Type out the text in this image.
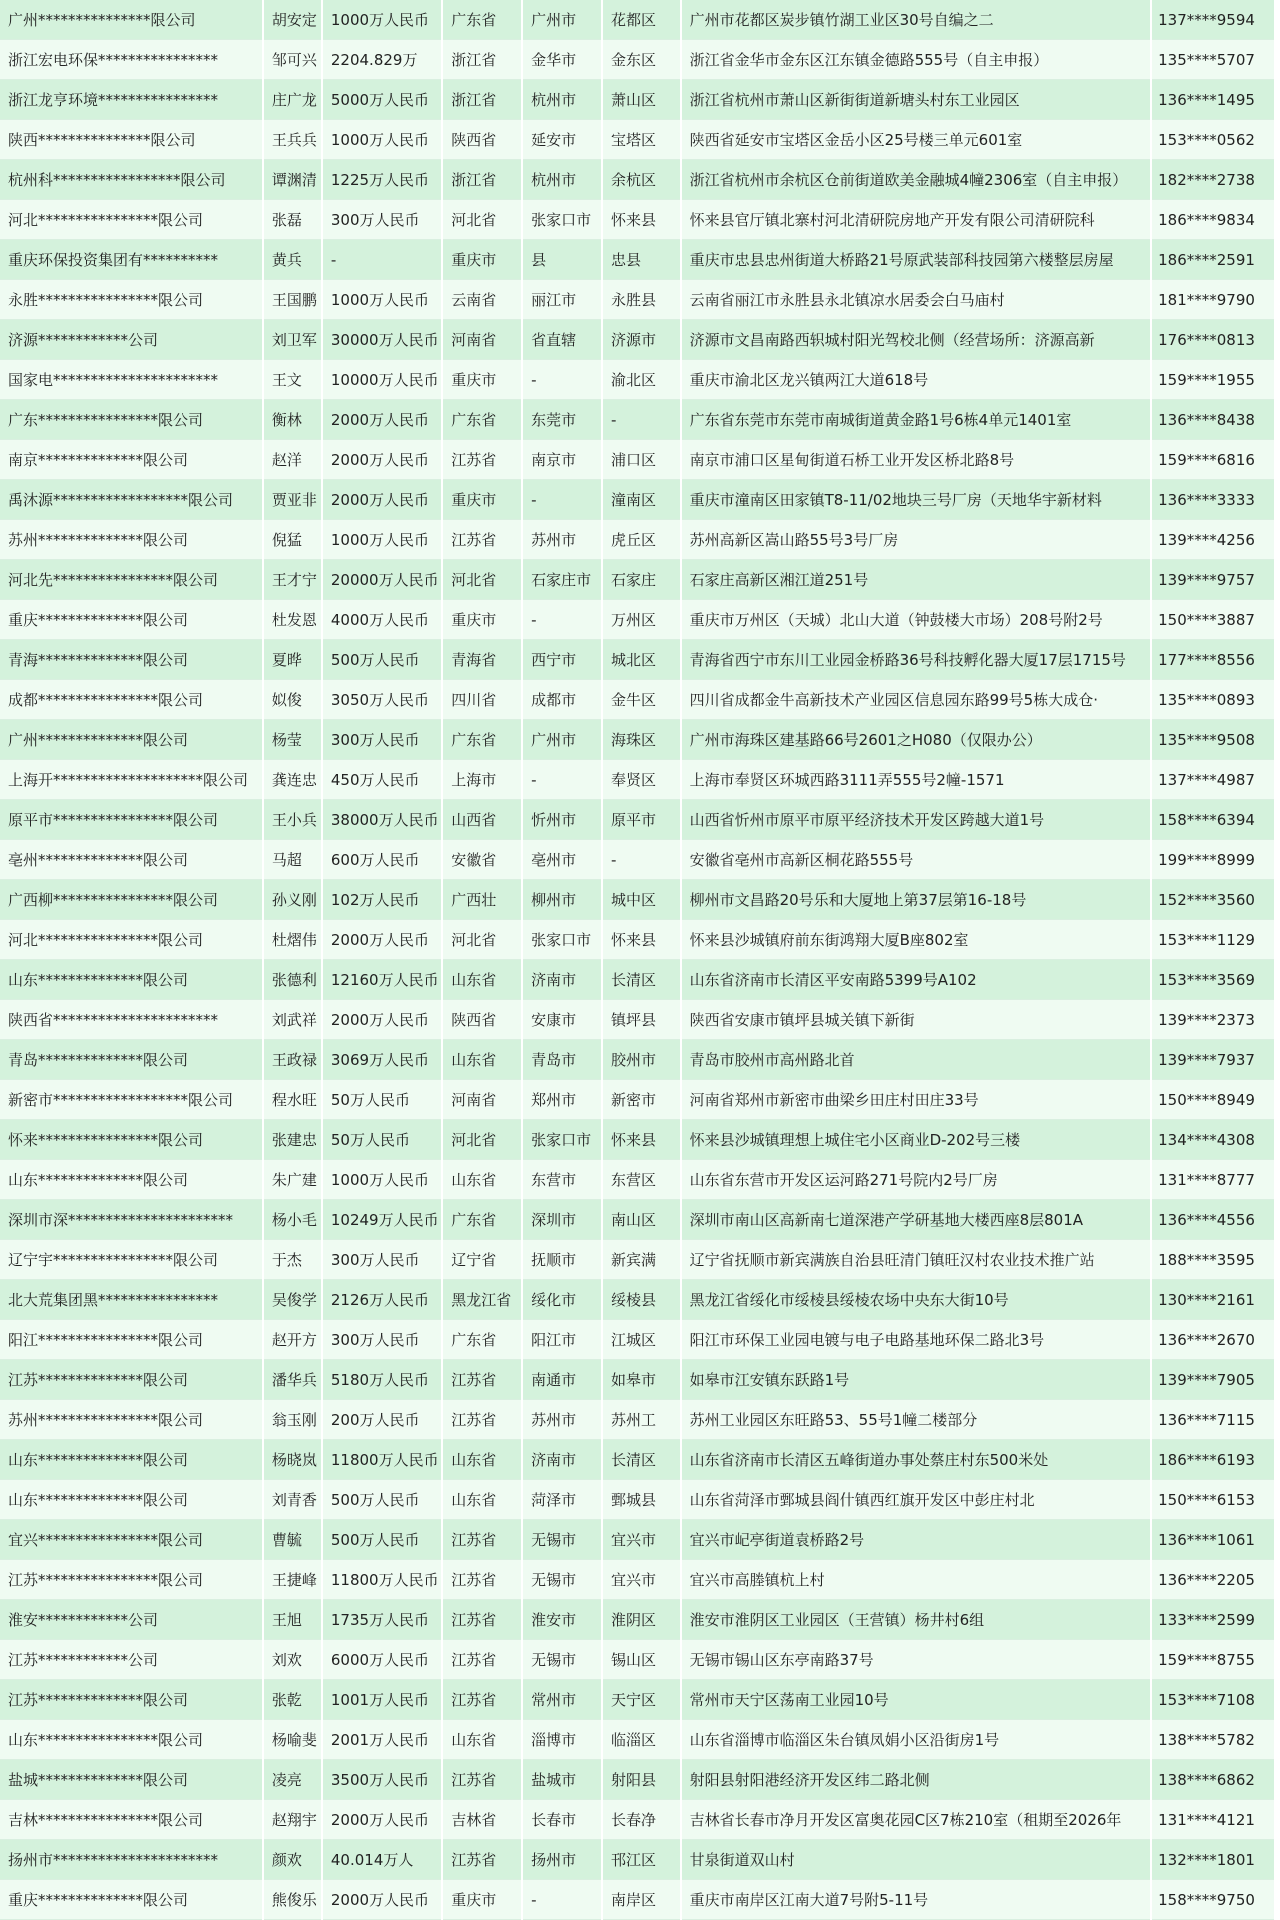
广州***************限公司	胡安定	1000万人民币	广东省	广州市	花都区	广州市花都区炭步镇竹湖工业区30号自编之二	137****9594
浙江宏电环保****************	邹可兴	2204.829万	浙江省	金华市	金东区	浙江省金华市金东区江东镇金德路555号（自主申报）	135****5707
浙江龙亨环境****************	庄广龙	5000万人民币	浙江省	杭州市	萧山区	浙江省杭州市萧山区新街街道新塘头村东工业园区	136****1495
陕西***************限公司	王兵兵	1000万人民币	陕西省	延安市	宝塔区	陕西省延安市宝塔区金岳小区25号楼三单元601室	153****0562
杭州科*****************限公司	谭渊清	1225万人民币	浙江省	杭州市	余杭区	浙江省杭州市余杭区仓前街道欧美金融城4幢2306室（自主申报）	182****2738
河北****************限公司	张磊	300万人民币	河北省	张家口市	怀来县	怀来县官厅镇北寨村河北清研院房地产开发有限公司清研院科	186****9834
重庆环保投资集团有**********	黄兵	-	重庆市	县	忠县	重庆市忠县忠州街道大桥路21号原武装部科技园第六楼整层房屋	186****2591
永胜****************限公司	王国鹏	1000万人民币	云南省	丽江市	永胜县	云南省丽江市永胜县永北镇凉水居委会白马庙村	181****9790
济源************公司	刘卫军	30000万人民币	河南省	省直辖	济源市	济源市文昌南路西轵城村阳光驾校北侧（经营场所：济源高新	176****0813
国家电**********************	王文	10000万人民币	重庆市	-	渝北区	重庆市渝北区龙兴镇两江大道618号	159****1955
广东****************限公司	衡林	2000万人民币	广东省	东莞市	-	广东省东莞市东莞市南城街道黄金路1号6栋4单元1401室	136****8438
南京**************限公司	赵洋	2000万人民币	江苏省	南京市	浦口区	南京市浦口区星甸街道石桥工业开发区桥北路8号	159****6816
禹沐源******************限公司	贾亚非	2000万人民币	重庆市	-	潼南区	重庆市潼南区田家镇T8-11/02地块三号厂房（天地华宇新材料	136****3333
苏州**************限公司	倪猛	1000万人民币	江苏省	苏州市	虎丘区	苏州高新区嵩山路55号3号厂房	139****4256
河北先****************限公司	王才宁	20000万人民币	河北省	石家庄市	石家庄	石家庄高新区湘江道251号	139****9757
重庆**************限公司	杜发恩	4000万人民币	重庆市	-	万州区	重庆市万州区（天城）北山大道（钟鼓楼大市场）208号附2号	150****3887
青海**************限公司	夏晔	500万人民币	青海省	西宁市	城北区	青海省西宁市东川工业园金桥路36号科技孵化器大厦17层1715号	177****8556
成都****************限公司	姒俊	3050万人民币	四川省	成都市	金牛区	四川省成都金牛高新技术产业园区信息园东路99号5栋大成仓·	135****0893
广州**************限公司	杨莹	300万人民币	广东省	广州市	海珠区	广州市海珠区建基路66号2601之H080（仅限办公）	135****9508
上海开********************限公司	龚连忠	450万人民币	上海市	-	奉贤区	上海市奉贤区环城西路3111弄555号2幢-1571	137****4987
原平市****************限公司	王小兵	38000万人民币	山西省	忻州市	原平市	山西省忻州市原平市原平经济技术开发区跨越大道1号	158****6394
亳州**************限公司	马超	600万人民币	安徽省	亳州市	-	安徽省亳州市高新区桐花路555号	199****8999
广西柳****************限公司	孙义刚	102万人民币	广西壮	柳州市	城中区	柳州市文昌路20号乐和大厦地上第37层第16-18号	152****3560
河北****************限公司	杜熠伟	2000万人民币	河北省	张家口市	怀来县	怀来县沙城镇府前东街鸿翔大厦B座802室	153****1129
山东**************限公司	张德利	12160万人民币	山东省	济南市	长清区	山东省济南市长清区平安南路5399号A102	153****3569
陕西省**********************	刘武祥	2000万人民币	陕西省	安康市	镇坪县	陕西省安康市镇坪县城关镇下新街	139****2373
青岛**************限公司	王政禄	3069万人民币	山东省	青岛市	胶州市	青岛市胶州市高州路北首	139****7937
新密市******************限公司	程水旺	50万人民币	河南省	郑州市	新密市	河南省郑州市新密市曲梁乡田庄村田庄33号	150****8949
怀来****************限公司	张建忠	50万人民币	河北省	张家口市	怀来县	怀来县沙城镇理想上城住宅小区商业D-202号三楼	134****4308
山东**************限公司	朱广建	1000万人民币	山东省	东营市	东营区	山东省东营市开发区运河路271号院内2号厂房	131****8777
深圳市深**********************	杨小毛	10249万人民币	广东省	深圳市	南山区	深圳市南山区高新南七道深港产学研基地大楼西座8层801A	136****4556
辽宁宇****************限公司	于杰	300万人民币	辽宁省	抚顺市	新宾满	辽宁省抚顺市新宾满族自治县旺清门镇旺汉村农业技术推广站	188****3595
北大荒集团黑****************	吴俊学	2126万人民币	黑龙江省	绥化市	绥棱县	黑龙江省绥化市绥棱县绥棱农场中央东大街10号	130****2161
阳江****************限公司	赵开方	300万人民币	广东省	阳江市	江城区	阳江市环保工业园电镀与电子电路基地环保二路北3号	136****2670
江苏**************限公司	潘华兵	5180万人民币	江苏省	南通市	如皋市	如皋市江安镇东跃路1号	139****7905
苏州****************限公司	翁玉刚	200万人民币	江苏省	苏州市	苏州工	苏州工业园区东旺路53、55号1幢二楼部分	136****7115
山东**************限公司	杨晓岚	11800万人民币	山东省	济南市	长清区	山东省济南市长清区五峰街道办事处蔡庄村东500米处	186****6193
山东**************限公司	刘青香	500万人民币	山东省	菏泽市	鄄城县	山东省菏泽市鄄城县阎什镇西红旗开发区中彭庄村北	150****6153
宜兴****************限公司	曹毓	500万人民币	江苏省	无锡市	宜兴市	宜兴市屺亭街道袁桥路2号	136****1061
江苏****************限公司	王捷峰	11800万人民币	江苏省	无锡市	宜兴市	宜兴市高塍镇杭上村	136****2205
淮安************公司	王旭	1735万人民币	江苏省	淮安市	淮阴区	淮安市淮阴区工业园区（王营镇）杨井村6组	133****2599
江苏************公司	刘欢	6000万人民币	江苏省	无锡市	锡山区	无锡市锡山区东亭南路37号	159****8755
江苏**************限公司	张乾	1001万人民币	江苏省	常州市	天宁区	常州市天宁区荡南工业园10号	153****7108
山东****************限公司	杨喻斐	2001万人民币	山东省	淄博市	临淄区	山东省淄博市临淄区朱台镇凤娟小区沿街房1号	138****5782
盐城**************限公司	凌亮	3500万人民币	江苏省	盐城市	射阳县	射阳县射阳港经济开发区纬二路北侧	138****6862
吉林****************限公司	赵翔宇	2000万人民币	吉林省	长春市	长春净	吉林省长春市净月开发区富奥花园C区7栋210室（租期至2026年	131****4121
扬州市**********************	颜欢	40.014万人	江苏省	扬州市	邗江区	甘泉街道双山村	132****1801
重庆**************限公司	熊俊乐	2000万人民币	重庆市	-	南岸区	重庆市南岸区江南大道7号附5-11号	158****9750
